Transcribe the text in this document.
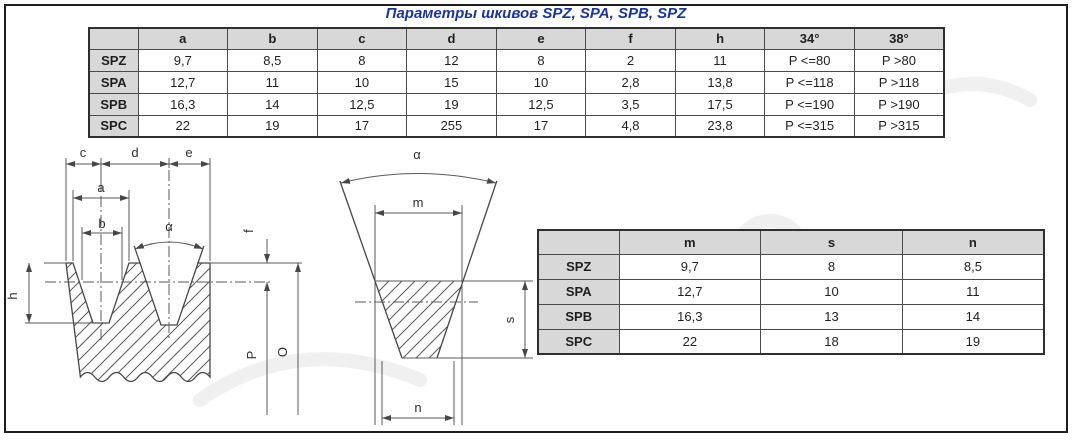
Параметры шкивов SPZ, SPA, SPB, SPZ
	a	b	c	d	e	f	h	34°	38°
SPZ	9,7	8,5	8	12	8	2	11	P <=80	P >80
SPA	12,7	11	10	15	10	2,8	13,8	P <=118	P >118
SPB	16,3	14	12,5	19	12,5	3,5	17,5	P <=190	P >190
SPC	22	19	17	255	17	4,8	23,8	P <=315	P >315
	m	s	n
SPZ	9,7	8	8,5
SPA	12,7	10	11
SPB	16,3	13	14
SPC	22	18	19
c	d	e
a
b	α	f
h
P O
α
m
s
n
